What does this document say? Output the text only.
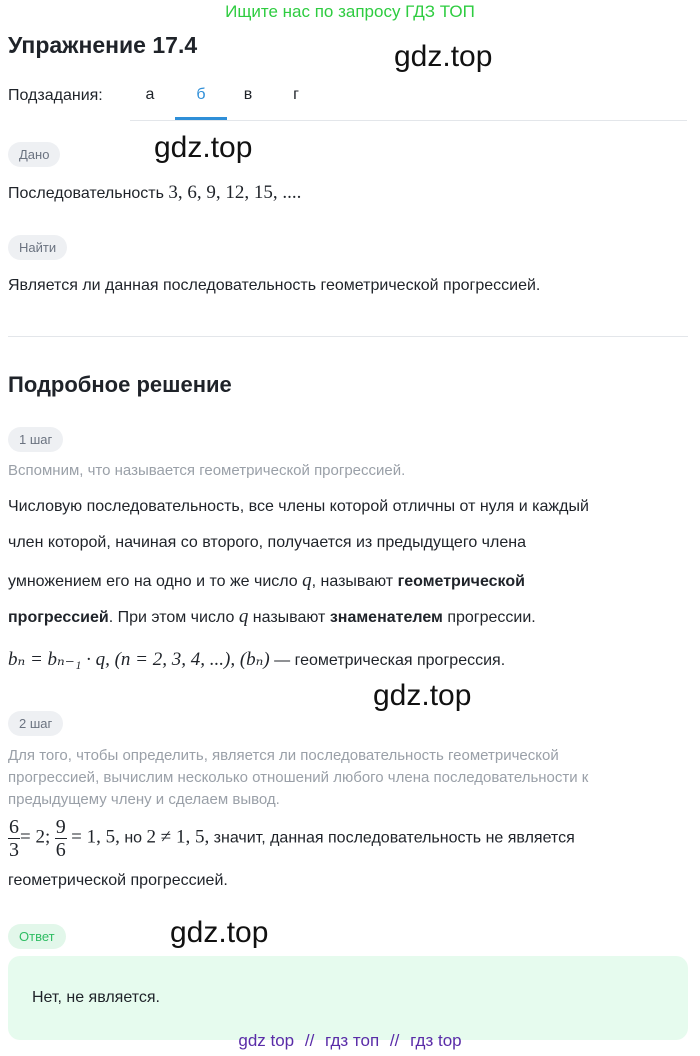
Ищите нас по запросу ГДЗ ТОП
Упражнение 17.4	gdz.top
Подзадания:	а	б	в	г
Дано	gdz.top
Последовательность 3, 6, 9, 12, 15, ....
Найти
Является ли данная последовательность геометрической прогрессией.
Подробное решение
1 шаг
Вспомним, что называется геометрической прогрессией.
Числовую последовательность, все члены которой отличны от нуля и каждый
член которой, начиная со второго, получается из предыдущего члена
умножением его на одно и то же число q, называют геометрической
прогрессией. При этом число q называют знаменателем прогрессии.
bₙ = bₙ₋₁ · q, (n = 2, 3, 4, ...), (bₙ) — геометрическая прогрессия.
gdz.top
2 шаг
Для того, чтобы определить, является ли последовательность геометрической
прогрессией, вычислим несколько отношений любого члена последовательности к
предыдущему члену и сделаем вывод.
$\frac{6}{3} = 2$; $\frac{9}{6} = 1$, 5, но 2 ≠ 1, 5, значит, данная последовательность не является
геометрической прогрессией.
Ответ	gdz.top
Нет, не является.
gdz top // гдз топ // гдз top
